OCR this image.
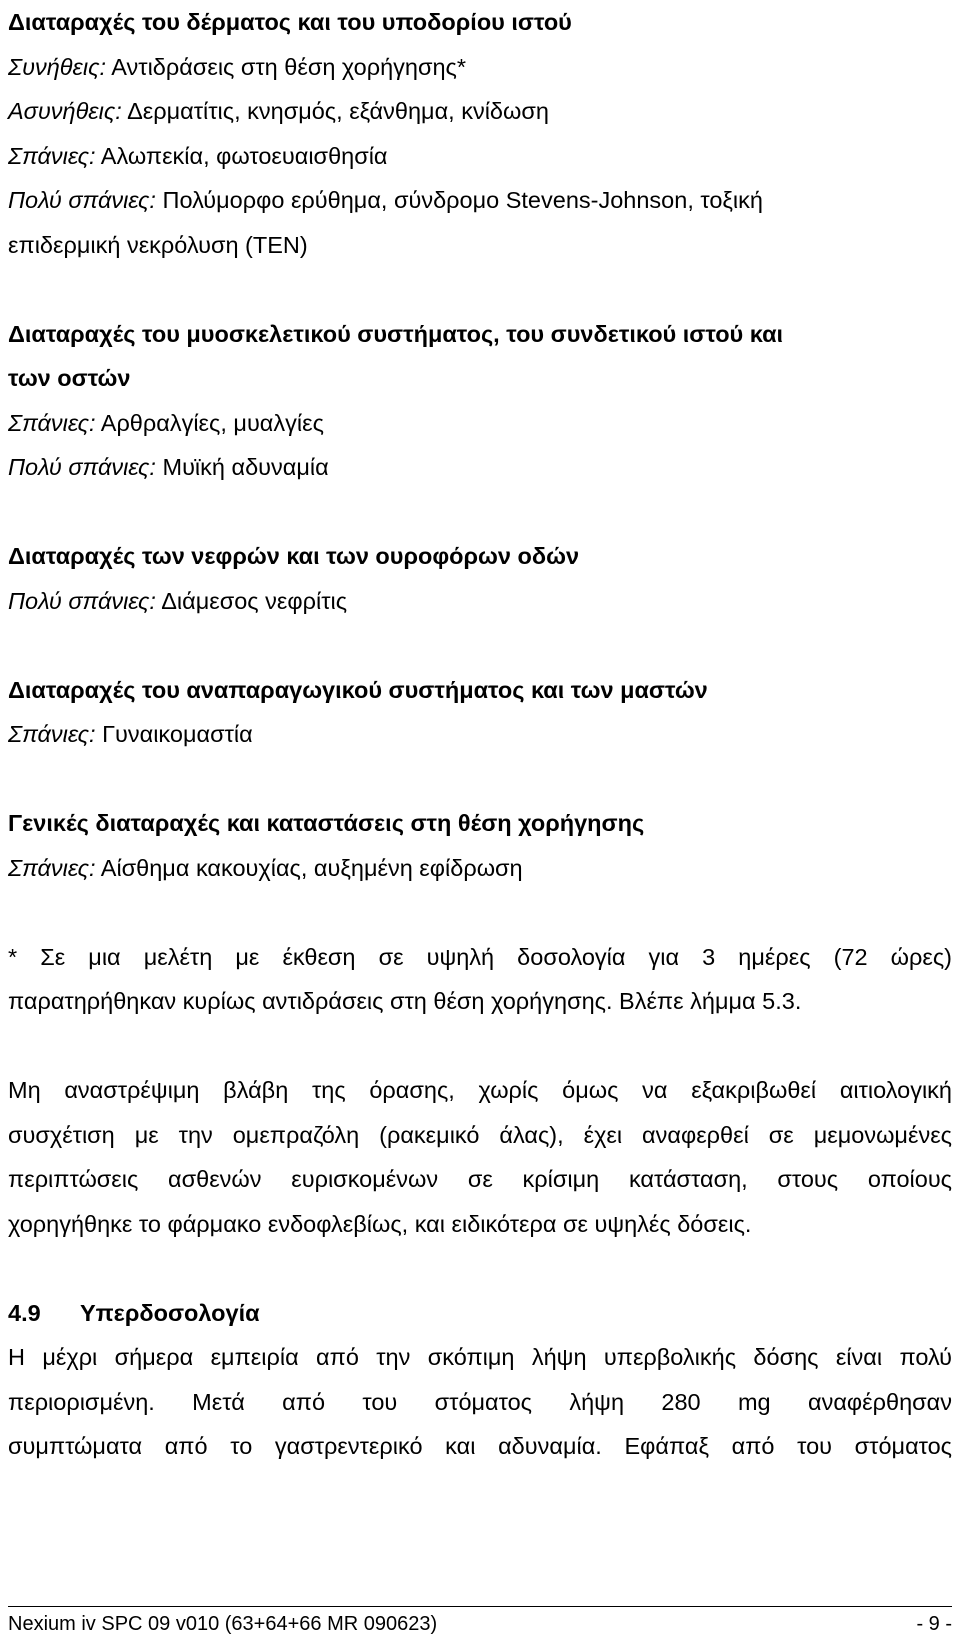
Διαταραχές του δέρματος και του υποδορίου ιστού
Συνήθεις: Αντιδράσεις στη θέση χορήγησης*
Ασυνήθεις: Δερματίτις, κνησμός, εξάνθημα, κνίδωση
Σπάνιες: Αλωπεκία, φωτοευαισθησία
Πολύ σπάνιες: Πολύμορφο ερύθημα, σύνδρομο Stevens-Johnson, τοξική
επιδερμική νεκρόλυση (ΤΕΝ)
Διαταραχές του μυοσκελετικού συστήματος, του συνδετικού ιστού και
των οστών
Σπάνιες: Αρθραλγίες, μυαλγίες
Πολύ σπάνιες: Μυϊκή αδυναμία
Διαταραχές των νεφρών και των ουροφόρων οδών
Πολύ σπάνιες: Διάμεσος νεφρίτις
Διαταραχές του αναπαραγωγικού συστήματος και των μαστών
Σπάνιες: Γυναικομαστία
Γενικές διαταραχές και καταστάσεις στη θέση χορήγησης
Σπάνιες: Αίσθημα κακουχίας, αυξημένη εφίδρωση
* Σε μια μελέτη με έκθεση σε υψηλή δοσολογία για 3 ημέρες (72 ώρες)
παρατηρήθηκαν κυρίως αντιδράσεις στη θέση χορήγησης. Βλέπε λήμμα 5.3.
Μη αναστρέψιμη βλάβη της όρασης, χωρίς όμως να εξακριβωθεί αιτιολογική
συσχέτιση με την ομεπραζόλη (ρακεμικό άλας), έχει αναφερθεί σε μεμονωμένες
περιπτώσεις ασθενών ευρισκομένων σε κρίσιμη κατάσταση, στους οποίους
χορηγήθηκε το φάρμακο ενδοφλεβίως, και ειδικότερα σε υψηλές δόσεις.
4.9 Υπερδοσολογία
Η μέχρι σήμερα εμπειρία από την σκόπιμη λήψη υπερβολικής δόσης είναι πολύ
περιορισμένη. Μετά από του στόματος λήψη 280 mg αναφέρθησαν
συμπτώματα από το γαστρεντερικό και αδυναμία. Εφάπαξ από του στόματος
Nexium iv SPC 09 v010 (63+64+66 MR 090623)	- 9 -
